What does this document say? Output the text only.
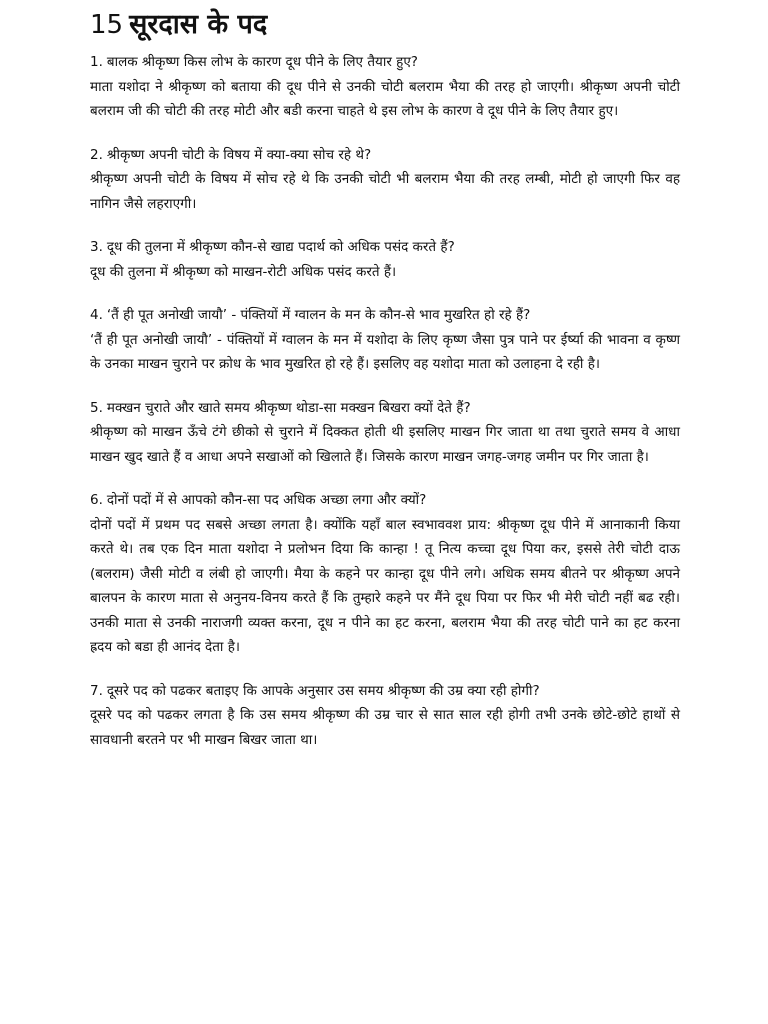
15 सूरदास के पद

1. बालक श्रीकृष्ण किस लोभ के कारण दूध पीने के लिए तैयार हुए?

माता यशोदा ने श्रीकृष्ण को बताया की दूध पीने से उनकी चोटी बलराम भैया की तरह हो जाएगी। श्रीकृष्ण अपनी चोटी बलराम जी की चोटी की तरह मोटी और बडी करना चाहते थे इस लोभ के कारण वे दूध पीने के लिए तैयार हुए।

2. श्रीकृष्ण अपनी चोटी के विषय में क्या-क्या सोच रहे थे?

श्रीकृष्ण अपनी चोटी के विषय में सोच रहे थे कि उनकी चोटी भी बलराम भैया की तरह लम्बी, मोटी हो जाएगी फिर वह नागिन जैसे लहराएगी।

3. दूध की तुलना में श्रीकृष्ण कौन-से खाद्य पदार्थ को अधिक पसंद करते हैं?

दूध की तुलना में श्रीकृष्ण को माखन-रोटी अधिक पसंद करते हैं।

4. ‘तैं ही पूत अनोखी जायौ’ - पंक्तियों में ग्वालन के मन के कौन-से भाव मुखरित हो रहे हैं?

‘तैं ही पूत अनोखी जायौ’ - पंक्तियों में ग्वालन के मन में यशोदा के लिए कृष्ण जैसा पुत्र पाने पर ईर्ष्या की भावना व कृष्ण के उनका माखन चुराने पर क्रोध के भाव मुखरित हो रहे हैं। इसलिए वह यशोदा माता को उलाहना दे रही है।

5. मक्खन चुराते और खाते समय श्रीकृष्ण थोडा-सा मक्खन बिखरा क्यों देते हैं?

श्रीकृष्ण को माखन ऊँचे टंगे छीको से चुराने में दिक्कत होती थी इसलिए माखन गिर जाता था तथा चुराते समय वे आधा माखन खुद खाते हैं व आधा अपने सखाओं को खिलाते हैं। जिसके कारण माखन जगह-जगह जमीन पर गिर जाता है।

6. दोनों पदों में से आपको कौन-सा पद अधिक अच्छा लगा और क्यों?

दोनों पदों में प्रथम पद सबसे अच्छा लगता है। क्योंकि यहाँ बाल स्वभाववश प्राय: श्रीकृष्ण दूध पीने में आनाकानी किया करते थे। तब एक दिन माता यशोदा ने प्रलोभन दिया कि कान्हा ! तू नित्य कच्चा दूध पिया कर, इससे तेरी चोटी दाऊ (बलराम) जैसी मोटी व लंबी हो जाएगी। मैया के कहने पर कान्हा दूध पीने लगे। अधिक समय बीतने पर श्रीकृष्ण अपने बालपन के कारण माता से अनुनय-विनय करते हैं कि तुम्हारे कहने पर मैंने दूध पिया पर फिर भी मेरी चोटी नहीं बढ रही। उनकी माता से उनकी नाराजगी व्यक्त करना, दूध न पीने का हट करना, बलराम भैया की तरह चोटी पाने का हट करना ह्रदय को बडा ही आनंद देता है।

7. दूसरे पद को पढकर बताइए कि आपके अनुसार उस समय श्रीकृष्ण की उम्र क्या रही होगी?

दूसरे पद को पढकर लगता है कि उस समय श्रीकृष्ण की उम्र चार से सात साल रही होगी तभी उनके छोटे-छोटे हाथों से सावधानी बरतने पर भी माखन बिखर जाता था।
